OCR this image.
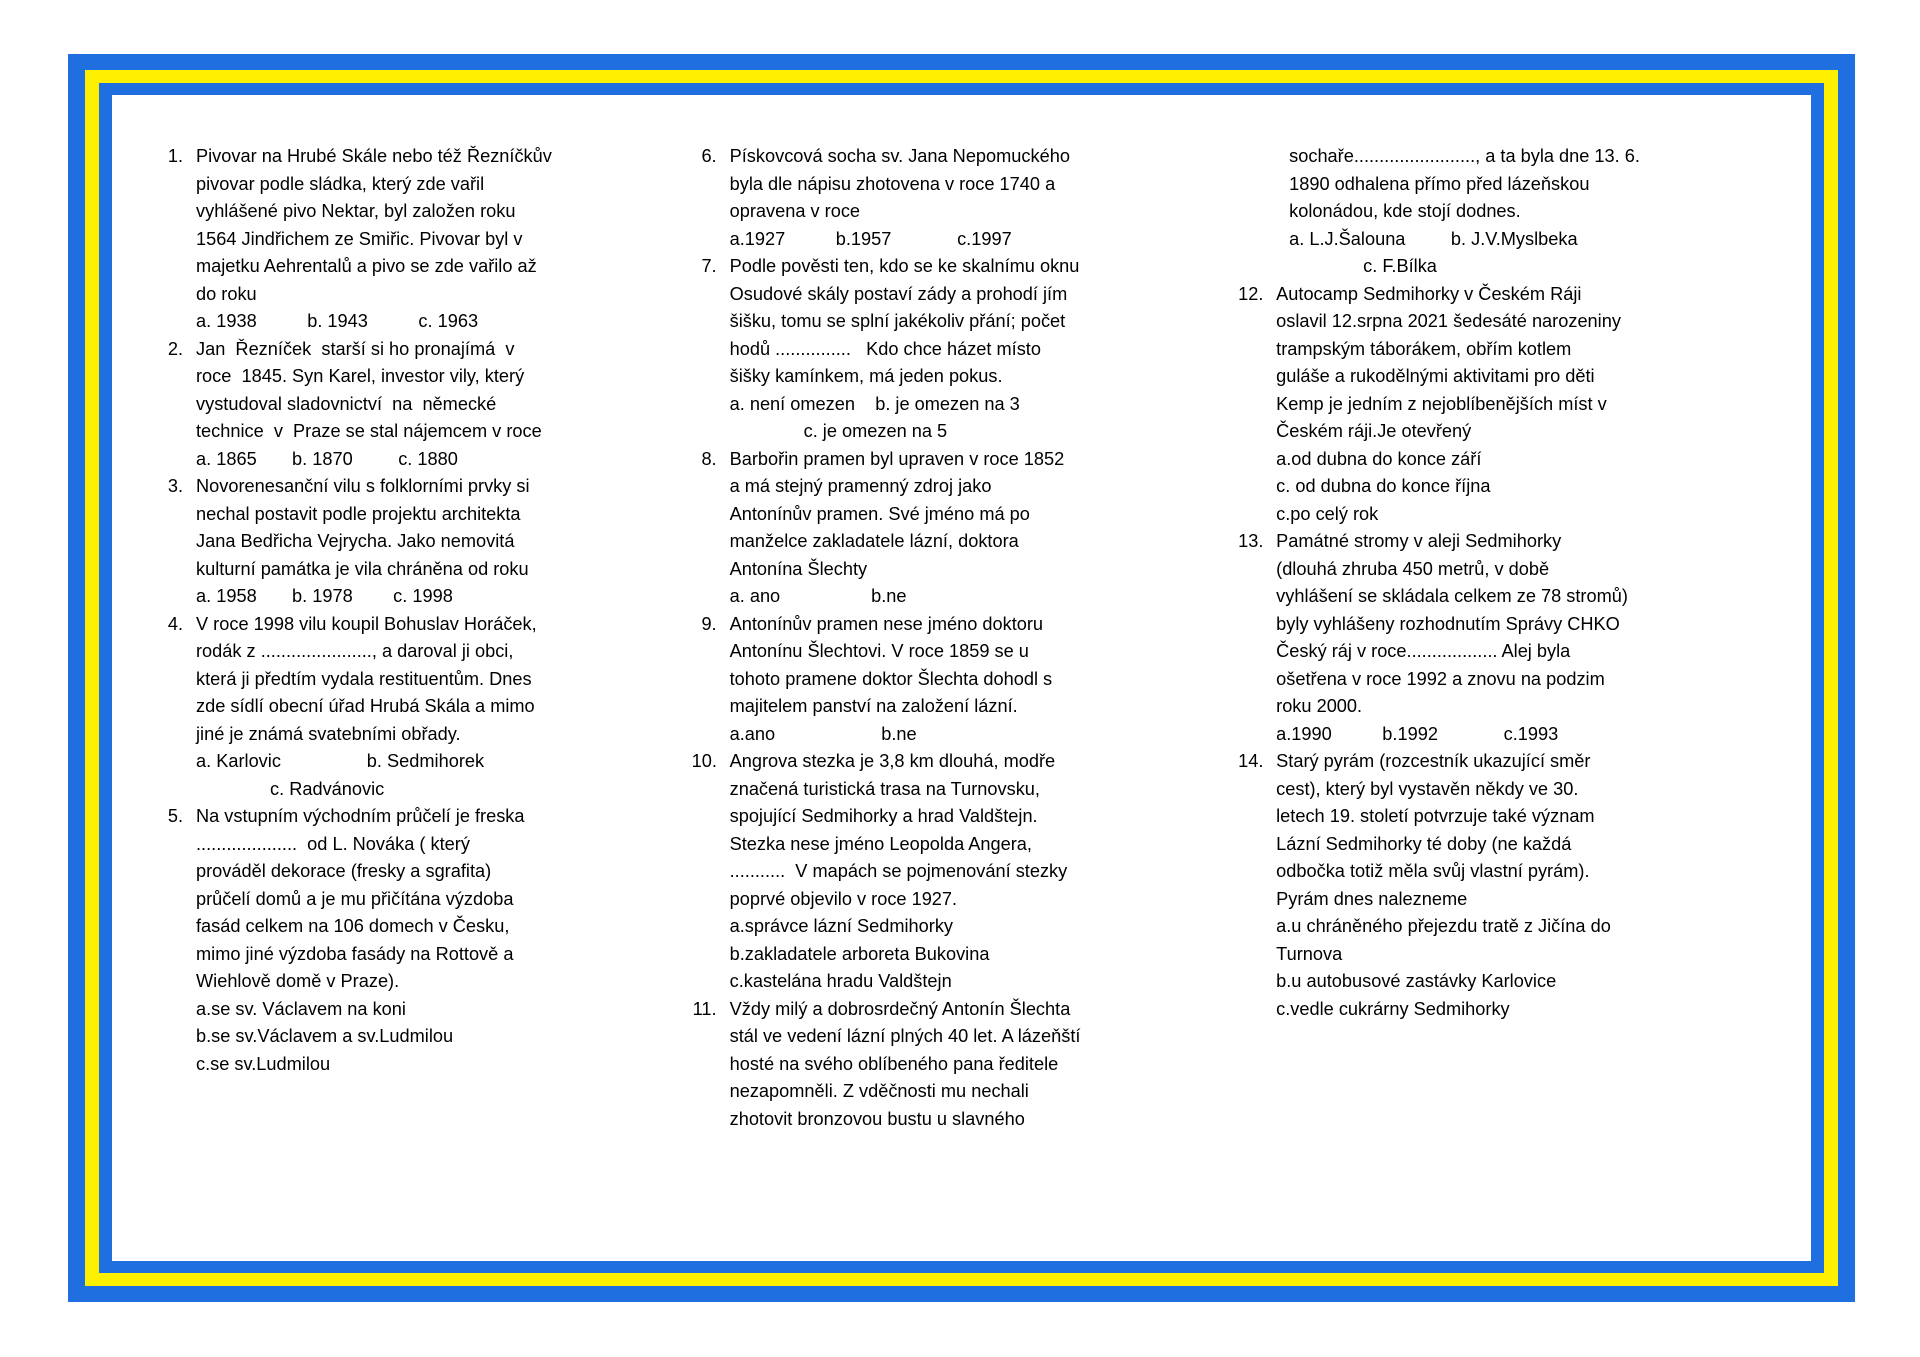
1. Pivovar na Hrubé Skále nebo též Řezníčkův
pivovar podle sládka, který zde vařil
vyhlášené pivo Nektar, byl založen roku
1564 Jindřichem ze Smiřic. Pivovar byl v
majetku Aehrentalů a pivo se zde vařilo až
do roku
a. 1938          b. 1943          c. 1963
2. Jan  Řezníček  starší si ho pronajímá  v
roce  1845. Syn Karel, investor vily, který
vystudoval sladovnictví  na  německé
technice  v  Praze se stal nájemcem v roce
a. 1865       b. 1870         c. 1880
3. Novorenesanční vilu s folklorními prvky si
nechal postavit podle projektu architekta
Jana Bedřicha Vejrycha. Jako nemovitá
kulturní památka je vila chráněna od roku
a. 1958       b. 1978        c. 1998
4. V roce 1998 vilu koupil Bohuslav Horáček,
rodák z ......................, a daroval ji obci,
která ji předtím vydala restituentům. Dnes
zde sídlí obecní úřad Hrubá Skála a mimo
jiné je známá svatebními obřady.
a. Karlovic                 b. Sedmihorek
c. Radvánovic
5. Na vstupním východním průčelí je freska
....................  od L. Nováka ( který
prováděl dekorace (fresky a sgrafita)
průčelí domů a je mu přičítána výzdoba
fasád celkem na 106 domech v Česku,
mimo jiné výzdoba fasády na Rottově a
Wiehlově domě v Praze).
a.se sv. Václavem na koni
b.se sv.Václavem a sv.Ludmilou
c.se sv.Ludmilou
6. Pískovcová socha sv. Jana Nepomuckého
byla dle nápisu zhotovena v roce 1740 a
opravena v roce
a.1927          b.1957             c.1997
7. Podle pověsti ten, kdo se ke skalnímu oknu
Osudové skály postaví zády a prohodí jím
šišku, tomu se splní jakékoliv přání; počet
hodů ...............   Kdo chce házet místo
šišky kamínkem, má jeden pokus.
a. není omezen    b. je omezen na 3
c. je omezen na 5
8. Barbořin pramen byl upraven v roce 1852
a má stejný pramenný zdroj jako
Antonínův pramen. Své jméno má po
manželce zakladatele lázní, doktora
Antonína Šlechty
a. ano                  b.ne
9. Antonínův pramen nese jméno doktoru
Antonínu Šlechtovi. V roce 1859 se u
tohoto pramene doktor Šlechta dohodl s
majitelem panství na založení lázní.
a.ano                     b.ne
10. Angrova stezka je 3,8 km dlouhá, modře
značená turistická trasa na Turnovsku,
spojující Sedmihorky a hrad Valdštejn.
Stezka nese jméno Leopolda Angera,
...........  V mapách se pojmenování stezky
poprvé objevilo v roce 1927.
a.správce lázní Sedmihorky
b.zakladatele arboreta Bukovina
c.kastelána hradu Valdštejn
11. Vždy milý a dobrosrdečný Antonín Šlechta
stál ve vedení lázní plných 40 let. A lázeňští
hosté na svého oblíbeného pana ředitele
nezapomněli. Z vděčnosti mu nechali
zhotovit bronzovou bustu u slavného
sochaře........................, a ta byla dne 13. 6.
1890 odhalena přímo před lázeňskou
kolonádou, kde stojí dodnes.
a. L.J.Šalouna         b. J.V.Myslbeka
c. F.Bílka
12. Autocamp Sedmihorky v Českém Ráji
oslavil 12.srpna 2021 šedesáté narozeniny
trampským táborákem, obřím kotlem
guláše a rukodělnými aktivitami pro děti
Kemp je jedním z nejoblíbenějších míst v
Českém ráji.Je otevřený
a.od dubna do konce září
c. od dubna do konce října
c.po celý rok
13. Památné stromy v aleji Sedmihorky
(dlouhá zhruba 450 metrů, v době
vyhlášení se skládala celkem ze 78 stromů)
byly vyhlášeny rozhodnutím Správy CHKO
Český ráj v roce.................. Alej byla
ošetřena v roce 1992 a znovu na podzim
roku 2000.
a.1990          b.1992             c.1993
14. Starý pyrám (rozcestník ukazující směr
cest), který byl vystavěn někdy ve 30.
letech 19. století potvrzuje také význam
Lázní Sedmihorky té doby (ne každá
odbočka totiž měla svůj vlastní pyrám).
Pyrám dnes nalezneme
a.u chráněného přejezdu tratě z Jičína do
Turnova
b.u autobusové zastávky Karlovice
c.vedle cukrárny Sedmihorky
